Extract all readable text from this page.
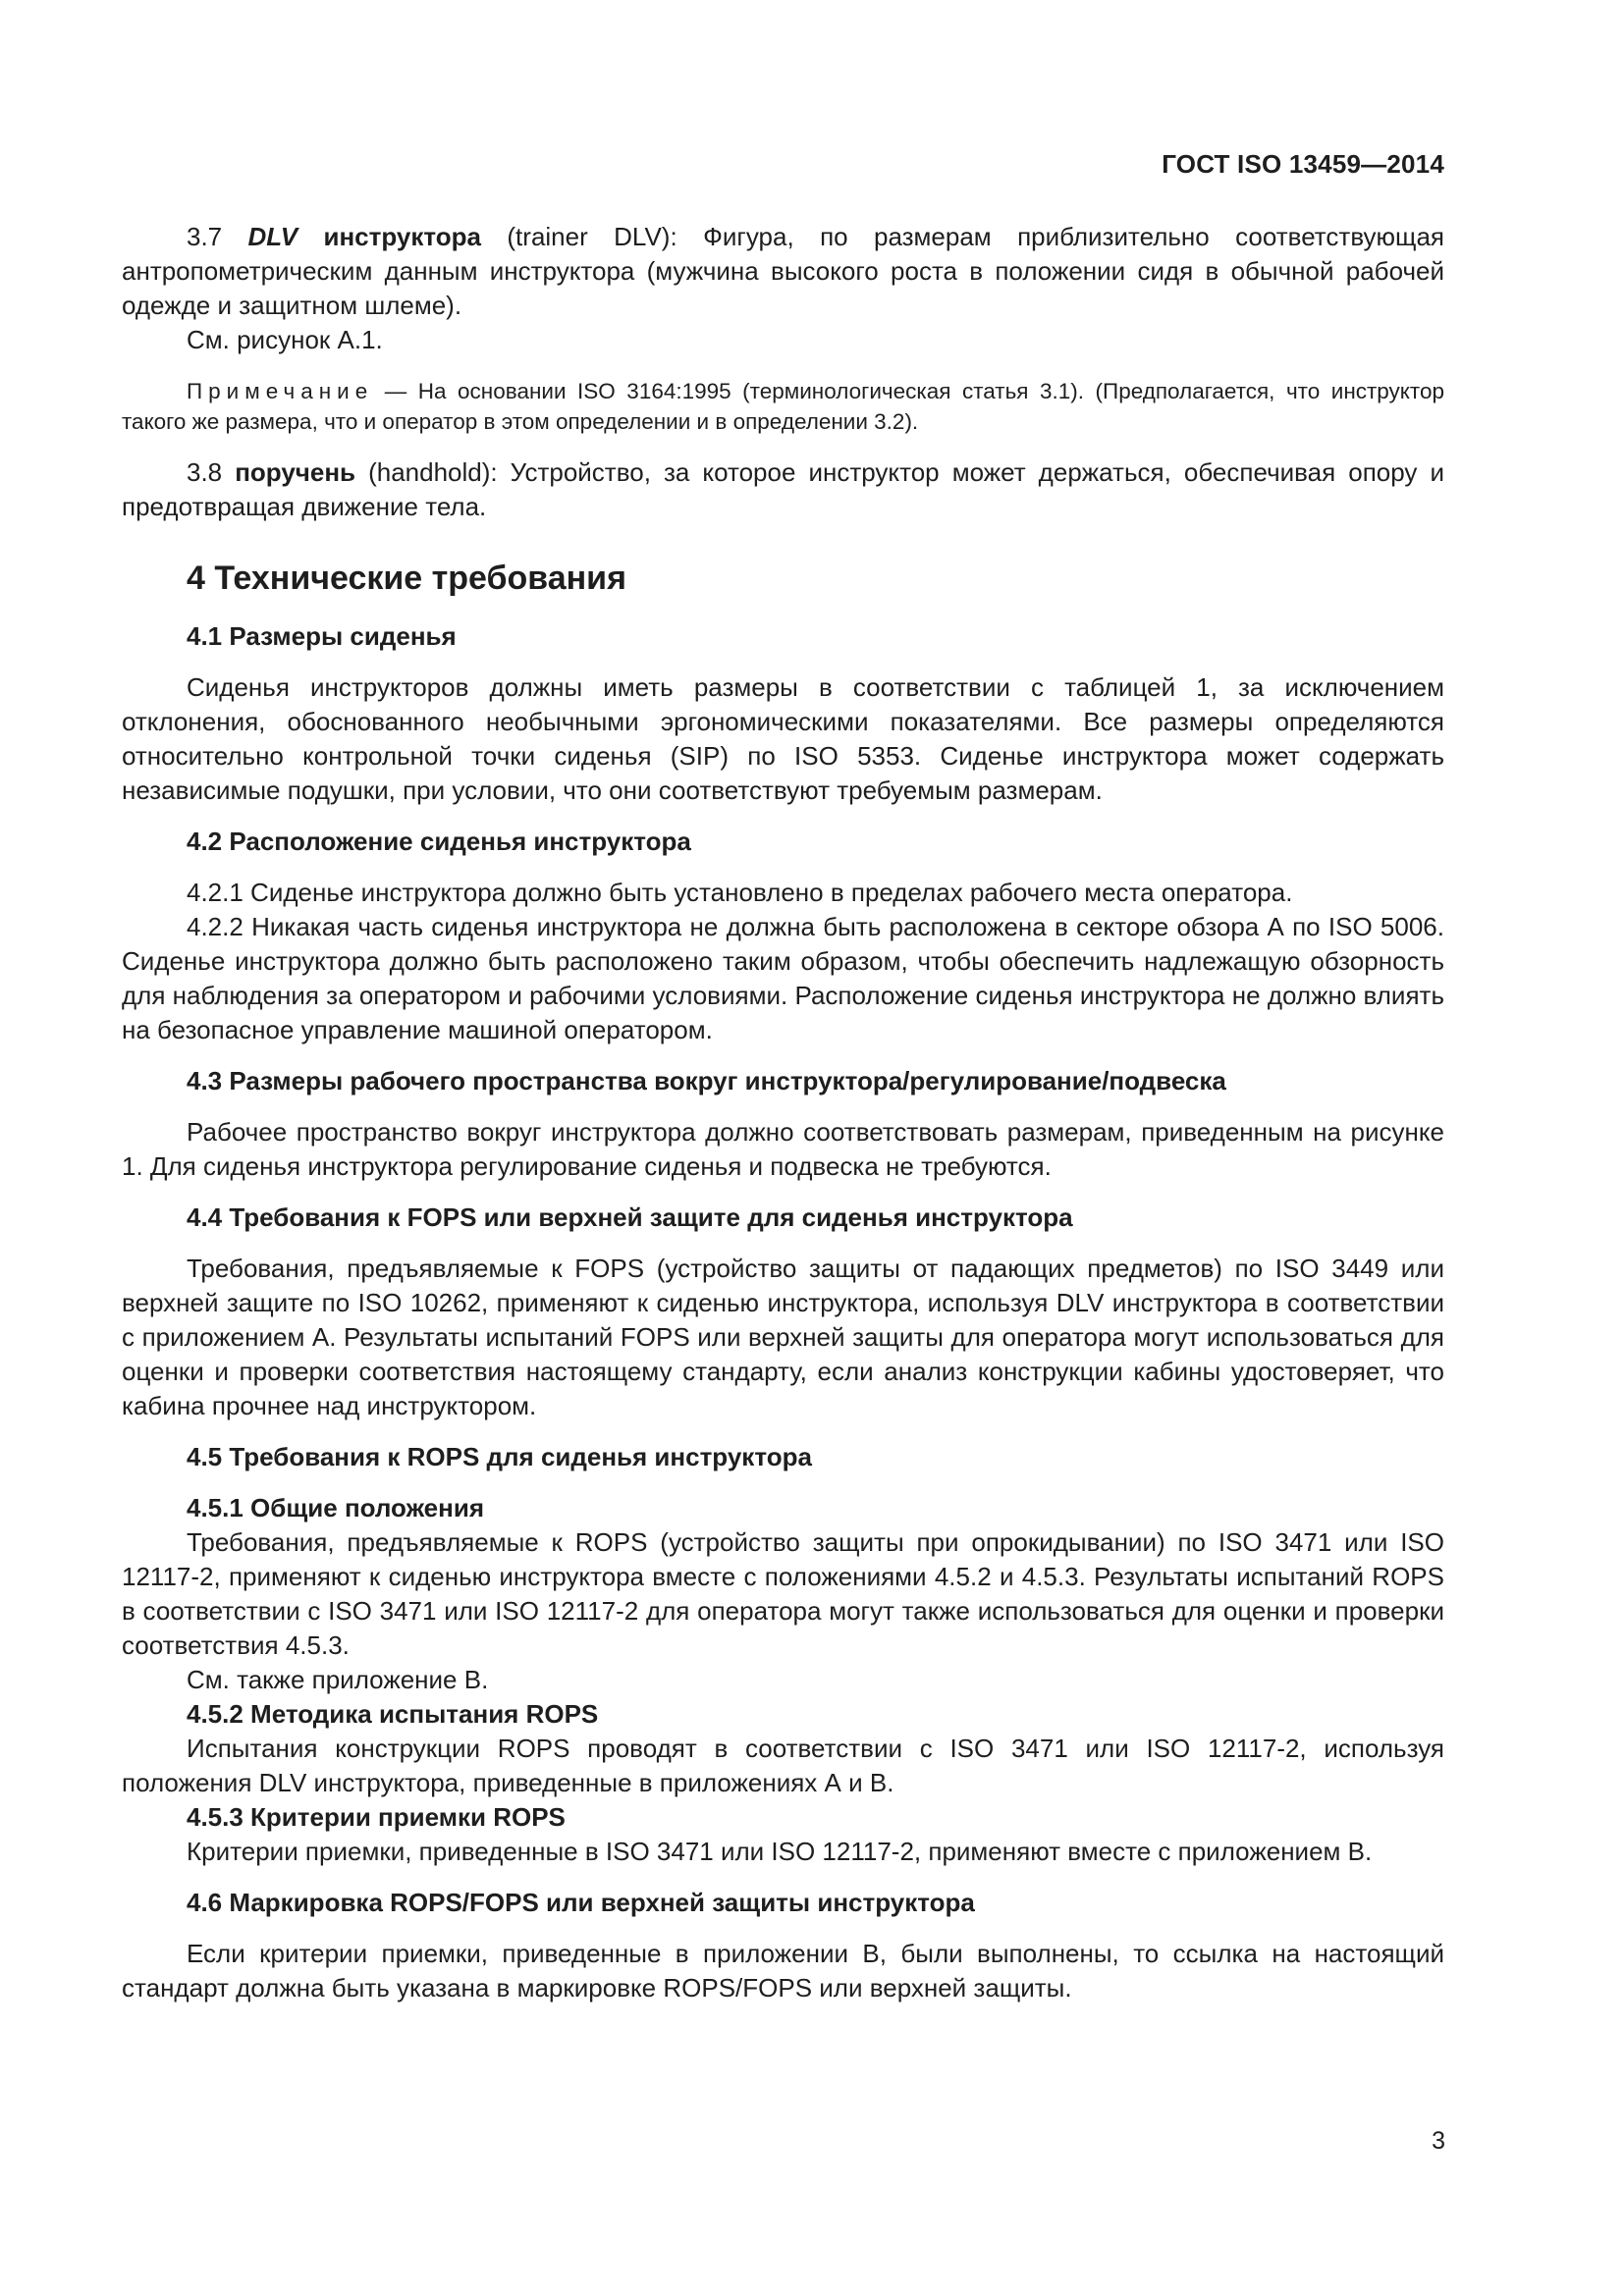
ГОСТ ISO 13459—2014

3.7 DLV инструктора (trainer DLV): Фигура, по размерам приблизительно соответствующая антропометрическим данным инструктора (мужчина высокого роста в положении сидя в обычной рабочей одежде и защитном шлеме).

См. рисунок А.1.

Примечание — На основании ISO 3164:1995 (терминологическая статья 3.1). (Предполагается, что инструктор такого же размера, что и оператор в этом определении и в определении 3.2).

3.8 поручень (handhold): Устройство, за которое инструктор может держаться, обеспечивая опору и предотвращая движение тела.

4 Технические требования
4.1 Размеры сиденья

Сиденья инструкторов должны иметь размеры в соответствии с таблицей 1, за исключением отклонения, обоснованного необычными эргономическими показателями. Все размеры определяются относительно контрольной точки сиденья (SIP) по ISO 5353. Сиденье инструктора может содержать независимые подушки, при условии, что они соответствуют требуемым размерам.

4.2 Расположение сиденья инструктора

4.2.1 Сиденье инструктора должно быть установлено в пределах рабочего места оператора.

4.2.2 Никакая часть сиденья инструктора не должна быть расположена в секторе обзора А по ISO 5006. Сиденье инструктора должно быть расположено таким образом, чтобы обеспечить надлежащую обзорность для наблюдения за оператором и рабочими условиями. Расположение сиденья инструктора не должно влиять на безопасное управление машиной оператором.

4.3 Размеры рабочего пространства вокруг инструктора/регулирование/подвеска

Рабочее пространство вокруг инструктора должно соответствовать размерам, приведенным на рисунке 1. Для сиденья инструктора регулирование сиденья и подвеска не требуются.

4.4 Требования к FOPS или верхней защите для сиденья инструктора

Требования, предъявляемые к FOPS (устройство защиты от падающих предметов) по ISO 3449 или верхней защите по ISO 10262, применяют к сиденью инструктора, используя DLV инструктора в соответствии с приложением А. Результаты испытаний FOPS или верхней защиты для оператора могут использоваться для оценки и проверки соответствия настоящему стандарту, если анализ конструкции кабины удостоверяет, что кабина прочнее над инструктором.

4.5 Требования к ROPS для сиденья инструктора
4.5.1 Общие положения

Требования, предъявляемые к ROPS (устройство защиты при опрокидывании) по ISO 3471 или ISO 12117-2, применяют к сиденью инструктора вместе с положениями 4.5.2 и 4.5.3. Результаты испытаний ROPS в соответствии с ISO 3471 или ISO 12117-2 для оператора могут также использоваться для оценки и проверки соответствия 4.5.3.

См. также приложение В.

4.5.2 Методика испытания ROPS

Испытания конструкции ROPS проводят в соответствии с ISO 3471 или ISO 12117-2, используя положения DLV инструктора, приведенные в приложениях А и В.

4.5.3 Критерии приемки ROPS

Критерии приемки, приведенные в ISO 3471 или ISO 12117-2, применяют вместе с приложением В.

4.6 Маркировка ROPS/FOPS или верхней защиты инструктора

Если критерии приемки, приведенные в приложении В, были выполнены, то ссылка на настоящий стандарт должна быть указана в маркировке ROPS/FOPS или верхней защиты.

3
